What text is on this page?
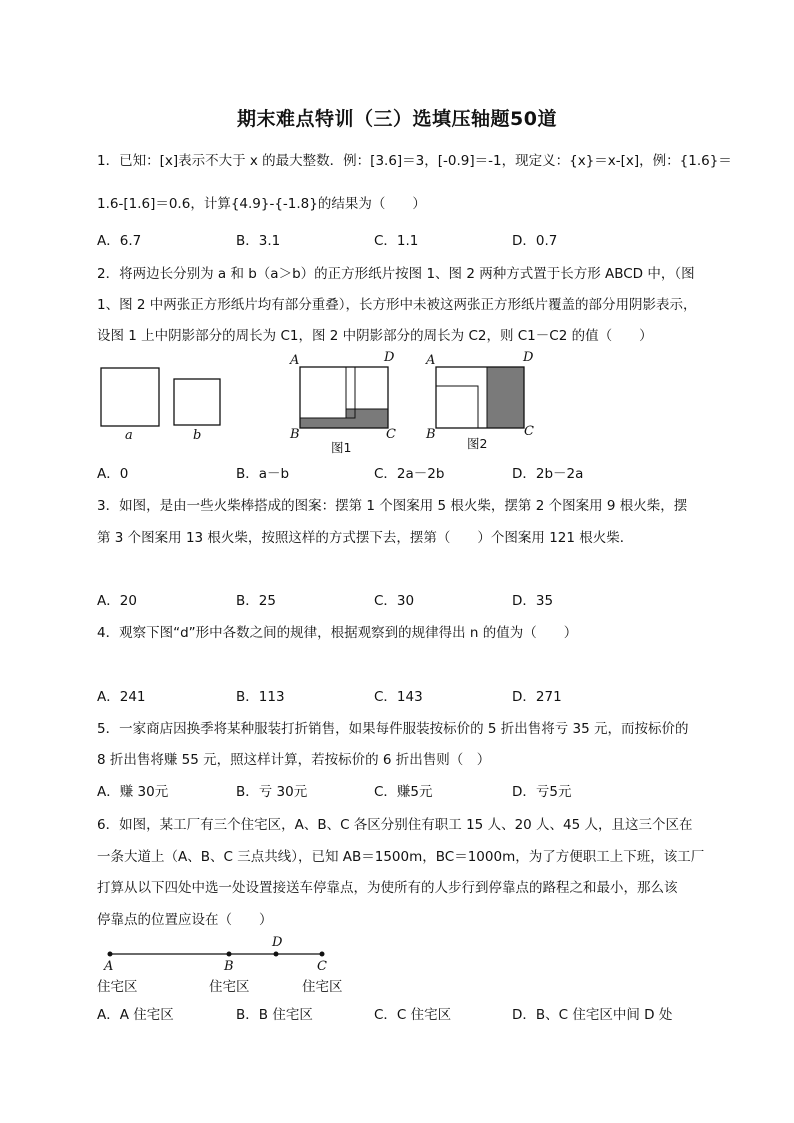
期末难点特训（三）选填压轴题50道
1．已知：[x]表示不大于 x 的最大整数．例：[3.6]＝3，[-0.9]＝-1，现定义：{x}＝x-[x]，例：{1.6}＝
1.6-[1.6]＝0.6，计算{4.9}-{-1.8}的结果为（　　）
A．6.7	B．3.1	C．1.1	D．0.7
2．将两边长分别为 a 和 b（a＞b）的正方形纸片按图 1、图 2 两种方式置于长方形 ABCD 中，（图
1、图 2 中两张正方形纸片均有部分重叠），长方形中未被这两张正方形纸片覆盖的部分用阴影表示，
设图 1 上中阴影部分的周长为 C1，图 2 中阴影部分的周长为 C2，则 C1－C2 的值（　　）
a	b
A	D
B	C
图1
A	D
B	C
图2
A．0	B．a－b	C．2a－2b	D．2b－2a
3．如图，是由一些火柴棒搭成的图案：摆第 1 个图案用 5 根火柴，摆第 2 个图案用 9 根火柴，摆
第 3 个图案用 13 根火柴，按照这样的方式摆下去，摆第（　　）个图案用 121 根火柴．
A．20	B．25	C．30	D．35
4．观察下图“d”形中各数之间的规律，根据观察到的规律得出 n 的值为（　　）
A．241	B．113	C．143	D．271
5．一家商店因换季将某种服装打折销售，如果每件服装按标价的 5 折出售将亏 35 元，而按标价的
8 折出售将赚 55 元，照这样计算，若按标价的 6 折出售则（　）
A．赚 30元	B．亏 30元	C．赚5元	D．亏5元
6．如图，某工厂有三个住宅区，A、B、C 各区分别住有职工 15 人、20 人、45 人，且这三个区在
一条大道上（A、B、C 三点共线），已知 AB＝1500m，BC＝1000m，为了方便职工上下班，该工厂
打算从以下四处中选一处设置接送车停靠点，为使所有的人步行到停靠点的路程之和最小，那么该
停靠点的位置应设在（　　）
D
A	B	C
住宅区	住宅区	住宅区
A．A 住宅区	B．B 住宅区	C．C 住宅区	D．B、C 住宅区中间 D 处
